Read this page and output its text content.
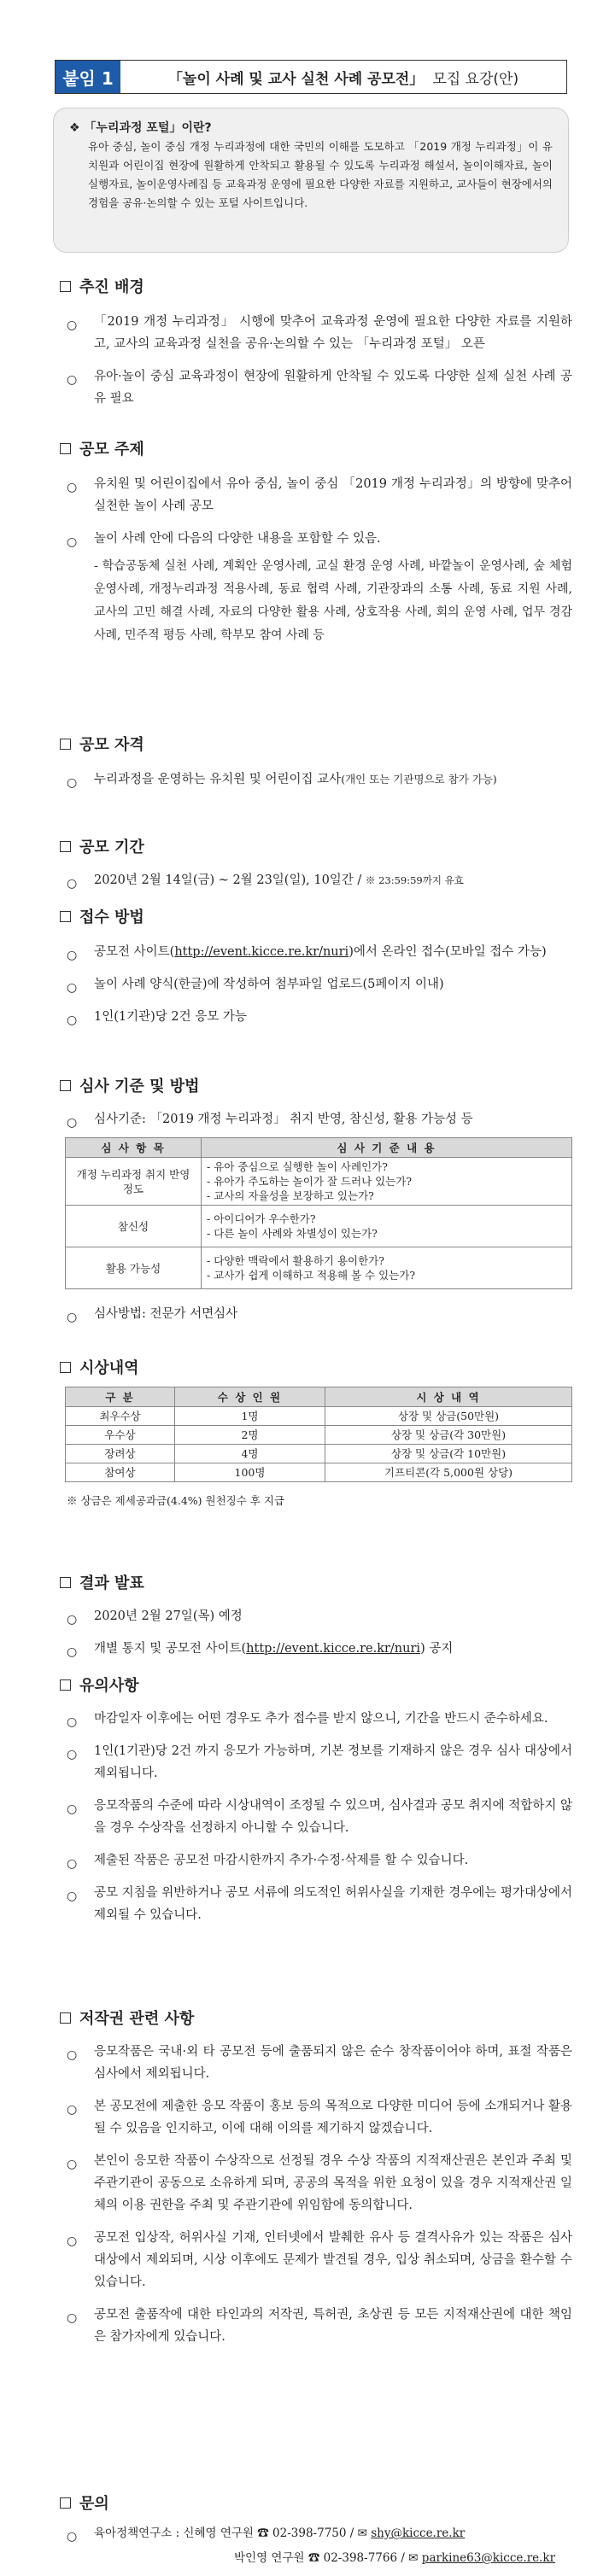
붙임 1	「놀이 사례 및 교사 실천 사례 공모전」 모집 요강(안)
❖ 「누리과정 포털」이란?
유아 중심, 놀이 중심 개정 누리과정에 대한 국민의 이해를 도모하고 「2019 개정 누리과정」이 유치원과 어린이집 현장에 원활하게 안착되고 활용될 수 있도록 누리과정 해설서, 놀이이해자료, 놀이실행자료, 놀이운영사례집 등 교육과정 운영에 필요한 다양한 자료를 지원하고, 교사들이 현장에서의 경험을 공유·논의할 수 있는 포털 사이트입니다.
추진 배경
○ 「2019 개정 누리과정」 시행에 맞추어 교육과정 운영에 필요한 다양한 자료를 지원하고, 교사의 교육과정 실천을 공유·논의할 수 있는 「누리과정 포털」 오픈
○ 유아·놀이 중심 교육과정이 현장에 원활하게 안착될 수 있도록 다양한 실제 실천 사례 공유 필요
공모 주제
○ 유치원 및 어린이집에서 유아 중심, 놀이 중심 「2019 개정 누리과정」의 방향에 맞추어 실천한 놀이 사례 공모
○ 놀이 사례 안에 다음의 다양한 내용을 포함할 수 있음.
- 학습공동체 실천 사례, 계획안 운영사례, 교실 환경 운영 사례, 바깥놀이 운영사례, 숲 체험 운영사례, 개정누리과정 적용사례, 동료 협력 사례, 기관장과의 소통 사례, 동료 지원 사례, 교사의 고민 해결 사례, 자료의 다양한 활용 사례, 상호작용 사례, 회의 운영 사례, 업무 경감 사례, 민주적 평등 사례, 학부모 참여 사례 등
공모 자격
○ 누리과정을 운영하는 유치원 및 어린이집 교사(개인 또는 기관명으로 참가 가능)
공모 기간
○ 2020년 2월 14일(금) ~ 2월 23일(일), 10일간 / ※ 23:59:59까지 유효
접수 방법
○ 공모전 사이트(http://event.kicce.re.kr/nuri)에서 온라인 접수(모바일 접수 가능)
○ 놀이 사례 양식(한글)에 작성하여 첨부파일 업로드(5페이지 이내)
○ 1인(1기관)당 2건 응모 가능
심사 기준 및 방법
○ 심사기준: 「2019 개정 누리과정」 취지 반영, 참신성, 활용 가능성 등
심 사 항 목	심 사 기 준 내 용
개정 누리과정 취지 반영 정도	- 유아 중심으로 실행한 놀이 사례인가?
- 유아가 주도하는 놀이가 잘 드러나 있는가?
- 교사의 자율성을 보장하고 있는가?

참신성	- 아이디어가 우수한가?
- 다른 놀이 사례와 차별성이 있는가?

활용 가능성	- 다양한 맥락에서 활용하기 용이한가?
- 교사가 쉽게 이해하고 적용해 볼 수 있는가?
○ 심사방법: 전문가 서면심사
시상내역
구 분	수 상 인 원	시 상 내 역
최우수상	1명	상장 및 상금(50만원)
우수상	2명	상장 및 상금(각 30만원)
장려상	4명	상장 및 상금(각 10만원)
참여상	100명	기프티콘(각 5,000원 상당)
※ 상금은 제세공과금(4.4%) 원천징수 후 지급
결과 발표
○ 2020년 2월 27일(목) 예정
○ 개별 통지 및 공모전 사이트(http://event.kicce.re.kr/nuri) 공지
유의사항
○ 마감일자 이후에는 어떤 경우도 추가 접수를 받지 않으니, 기간을 반드시 준수하세요.
○ 1인(1기관)당 2건 까지 응모가 가능하며, 기본 정보를 기재하지 않은 경우 심사 대상에서 제외됩니다.
○ 응모작품의 수준에 따라 시상내역이 조정될 수 있으며, 심사결과 공모 취지에 적합하지 않을 경우 수상작을 선정하지 아니할 수 있습니다.
○ 제출된 작품은 공모전 마감시한까지 추가·수정·삭제를 할 수 있습니다.
○ 공모 지침을 위반하거나 공모 서류에 의도적인 허위사실을 기재한 경우에는 평가대상에서 제외될 수 있습니다.
저작권 관련 사항
○ 응모작품은 국내·외 타 공모전 등에 출품되지 않은 순수 창작품이어야 하며, 표절 작품은 심사에서 제외됩니다.
○ 본 공모전에 제출한 응모 작품이 홍보 등의 목적으로 다양한 미디어 등에 소개되거나 활용될 수 있음을 인지하고, 이에 대해 이의를 제기하지 않겠습니다.
○ 본인이 응모한 작품이 수상작으로 선정될 경우 수상 작품의 지적재산권은 본인과 주최 및 주관기관이 공동으로 소유하게 되며, 공공의 목적을 위한 요청이 있을 경우 지적재산권 일체의 이용 권한을 주최 및 주관기관에 위임함에 동의합니다.
○ 공모전 입상작, 허위사실 기재, 인터넷에서 발췌한 유사 등 결격사유가 있는 작품은 심사 대상에서 제외되며, 시상 이후에도 문제가 발견될 경우, 입상 취소되며, 상금을 환수할 수 있습니다.
○ 공모전 출품작에 대한 타인과의 저작권, 특허권, 초상권 등 모든 지적재산권에 대한 책임은 참가자에게 있습니다.
문의
○ 육아정책연구소 : 신혜영 연구원 ☎ 02-398-7750 / ✉ shy@kicce.re.kr
박인영 연구원 ☎ 02-398-7766 / ✉ parkine63@kicce.re.kr
